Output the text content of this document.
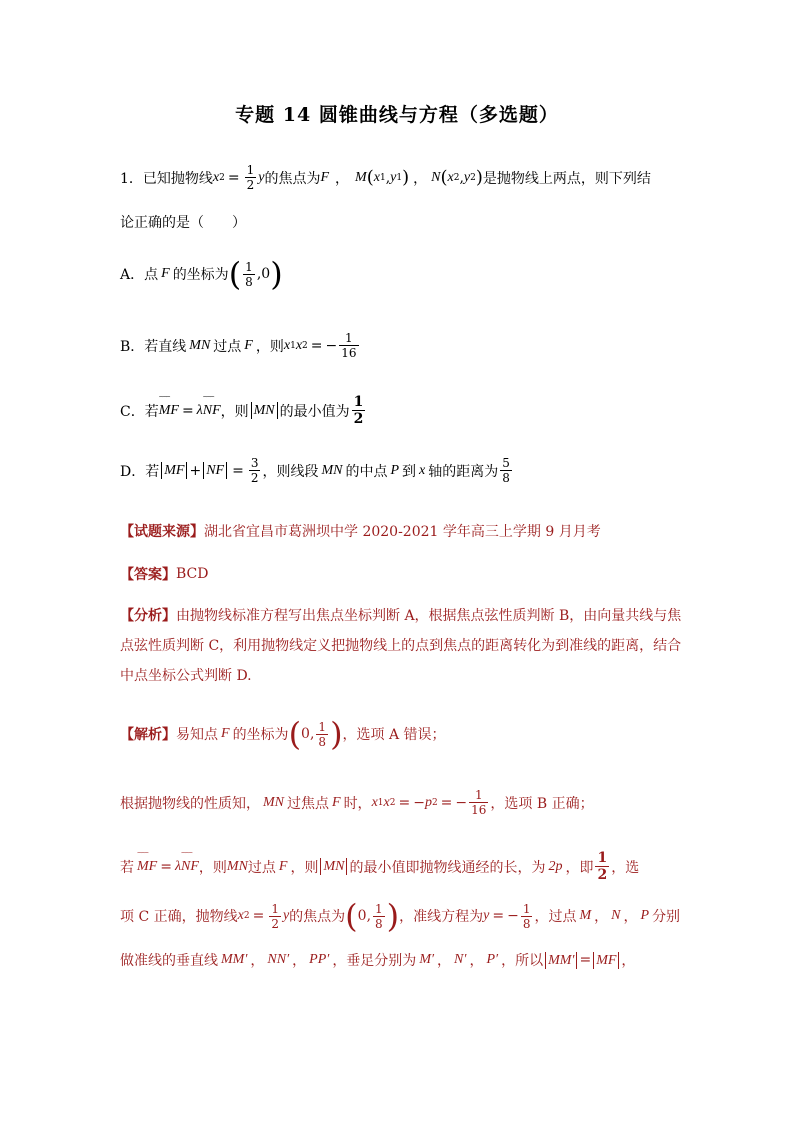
专题 14 圆锥曲线与方程（多选题）
1． 已知抛物线 x $2 = \frac{1}{2}$ y 的焦点为 F ， M ( x 1 , y 1 ) ， N ( x 2 , y 2 ) 是抛物线上两点，则下列结
论正确的是（　　）
A．点 F 的坐标为 ( $\frac{1}{8}$ , 0 )
B．若直线 MN 过点 F ，则 x 1 x 2 = − $\frac{1}{16}$
C．若 ⌢⌢⌢ MF = λ ⌢⌢⌢ NF ，则 MN 的最小值为 $\frac{1}{2}$
D．若 MF + NF = $\frac{3}{2}$ ，则线段 MN 的中点 P 到 x 轴的距离为 $\frac{5}{8}$
【试题来源】 湖北省宜昌市葛洲坝中学 2020-2021 学年高三上学期 9 月月考
【答案】 BCD
【分析】 由抛物线标准方程写出焦点坐标判断 A，根据焦点弦性质判断 B，由向量共线与焦
点弦性质判断 C，利用抛物线定义把抛物线上的点到焦点的距离转化为到准线的距离，结合
中点坐标公式判断 D.
【解析】 易知点 F 的坐标为 ( 0 , $\frac{1}{8}$ ) ，选项 A 错误；
根据抛物线的性质知， MN 过焦点 F 时， x 1 x 2 = − p 2 = − $\frac{1}{16}$ ，选项 B 正确；
若 ⌢⌢⌢ MF = λ ⌢⌢⌢ NF ，则 MN 过点 F ，则 MN 的最小值即抛物线通经的长，为 2p ，即 $\frac{1}{2}$ ，选
项 C 正确，抛物线 x $2 = \frac{1}{2}$ y 的焦点为 ( 0 , $\frac{1}{8}$ ) ，准线方程为 y = − $\frac{1}{8}$ ，过点 M ， N ， P 分别
做准线的垂直线 MM′ ， NN′ ， PP′ ，垂足分别为 M′ ， N′ ， P′ ，所以 MM′ = MF ，
